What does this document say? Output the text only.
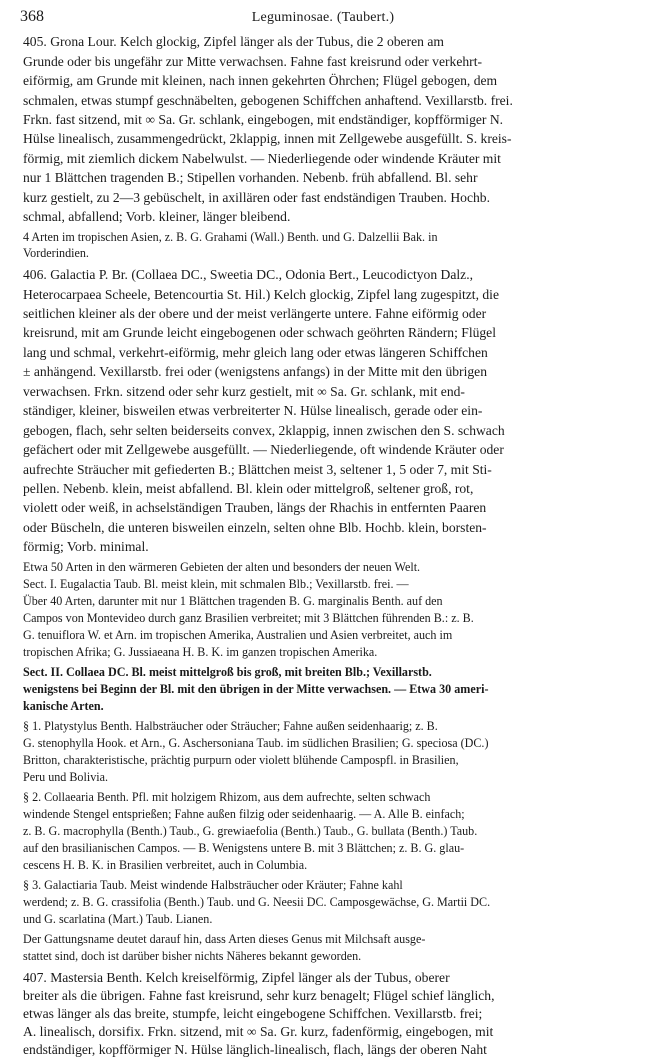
368	Leguminosae. (Taubert.)
405. Grona Lour. Kelch glockig, Zipfel länger als der Tubus, die 2 oberen am
Grunde oder bis ungefähr zur Mitte verwachsen. Fahne fast kreisrund oder verkehrt-
eiförmig, am Grunde mit kleinen, nach innen gekehrten Öhrchen; Flügel gebogen, dem
schmalen, etwas stumpf geschnäbelten, gebogenen Schiffchen anhaftend. Vexillarstb. frei.
Frkn. fast sitzend, mit ∞ Sa. Gr. schlank, eingebogen, mit endständiger, kopfförmiger N.
Hülse linealisch, zusammengedrückt, 2klappig, innen mit Zellgewebe ausgefüllt. S. kreis-
förmig, mit ziemlich dickem Nabelwulst. — Niederliegende oder windende Kräuter mit
nur 1 Blättchen tragenden B.; Stipellen vorhanden. Nebenb. früh abfallend. Bl. sehr
kurz gestielt, zu 2—3 gebüschelt, in axillären oder fast endständigen Trauben. Hochb.
schmal, abfallend; Vorb. kleiner, länger bleibend.
4 Arten im tropischen Asien, z. B. G. Grahami (Wall.) Benth. und G. Dalzellii Bak. in
Vorderindien.
406. Galactia P. Br. (Collaea DC., Sweetia DC., Odonia Bert., Leucodictyon Dalz.,
Heterocarpaea Scheele, Betencourtia St. Hil.) Kelch glockig, Zipfel lang zugespitzt, die
seitlichen kleiner als der obere und der meist verlängerte untere. Fahne eiförmig oder
kreisrund, mit am Grunde leicht eingebogenen oder schwach geöhrten Rändern; Flügel
lang und schmal, verkehrt-eiförmig, mehr gleich lang oder etwas längeren Schiffchen
± anhängend. Vexillarstb. frei oder (wenigstens anfangs) in der Mitte mit den übrigen
verwachsen. Frkn. sitzend oder sehr kurz gestielt, mit ∞ Sa. Gr. schlank, mit end-
ständiger, kleiner, bisweilen etwas verbreiterter N. Hülse linealisch, gerade oder ein-
gebogen, flach, sehr selten beiderseits convex, 2klappig, innen zwischen den S. schwach
gefächert oder mit Zellgewebe ausgefüllt. — Niederliegende, oft windende Kräuter oder
aufrechte Sträucher mit gefiederten B.; Blättchen meist 3, seltener 1, 5 oder 7, mit Sti-
pellen. Nebenb. klein, meist abfallend. Bl. klein oder mittelgroß, seltener groß, rot,
violett oder weiß, in achselständigen Trauben, längs der Rhachis in entfernten Paaren
oder Büscheln, die unteren bisweilen einzeln, selten ohne Blb. Hochb. klein, borsten-
förmig; Vorb. minimal.
Etwa 50 Arten in den wärmeren Gebieten der alten und besonders der neuen Welt.
Sect. I. Eugalactia Taub. Bl. meist klein, mit schmalen Blb.; Vexillarstb. frei. —
Über 40 Arten, darunter mit nur 1 Blättchen tragenden B. G. marginalis Benth. auf den
Campos von Montevideo durch ganz Brasilien verbreitet; mit 3 Blättchen führenden B.: z. B.
G. tenuiflora W. et Arn. im tropischen Amerika, Australien und Asien verbreitet, auch im
tropischen Afrika; G. Jussiaeana H. B. K. im ganzen tropischen Amerika.
Sect. II. Collaea DC. Bl. meist mittelgroß bis groß, mit breiten Blb.; Vexillarstb.
wenigstens bei Beginn der Bl. mit den übrigen in der Mitte verwachsen. — Etwa 30 ameri-
kanische Arten.
§ 1. Platystylus Benth. Halbsträucher oder Sträucher; Fahne außen seidenhaarig; z. B.
G. stenophylla Hook. et Arn., G. Aschersoniana Taub. im südlichen Brasilien; G. speciosa (DC.)
Britton, charakteristische, prächtig purpurn oder violett blühende Campospfl. in Brasilien,
Peru und Bolivia.
§ 2. Collaearia Benth. Pfl. mit holzigem Rhizom, aus dem aufrechte, selten schwach
windende Stengel entsprießen; Fahne außen filzig oder seidenhaarig. — A. Alle B. einfach;
z. B. G. macrophylla (Benth.) Taub., G. grewiaefolia (Benth.) Taub., G. bullata (Benth.) Taub.
auf den brasilianischen Campos. — B. Wenigstens untere B. mit 3 Blättchen; z. B. G. glau-
cescens H. B. K. in Brasilien verbreitet, auch in Columbia.
§ 3. Galactiaria Taub. Meist windende Halbsträucher oder Kräuter; Fahne kahl
werdend; z. B. G. crassifolia (Benth.) Taub. und G. Neesii DC. Camposgewächse, G. Martii DC.
und G. scarlatina (Mart.) Taub. Lianen.
Der Gattungsname deutet darauf hin, dass Arten dieses Genus mit Milchsaft ausge-
stattet sind, doch ist darüber bisher nichts Näheres bekannt geworden.
407. Mastersia Benth. Kelch kreiselförmig, Zipfel länger als der Tubus, oberer
breiter als die übrigen. Fahne fast kreisrund, sehr kurz benagelt; Flügel schief länglich,
etwas länger als das breite, stumpfe, leicht eingebogene Schiffchen. Vexillarstb. frei;
A. linealisch, dorsifix. Frkn. sitzend, mit ∞ Sa. Gr. kurz, fadenförmig, eingebogen, mit
endständiger, kopfförmiger N. Hülse länglich-linealisch, flach, längs der oberen Naht
